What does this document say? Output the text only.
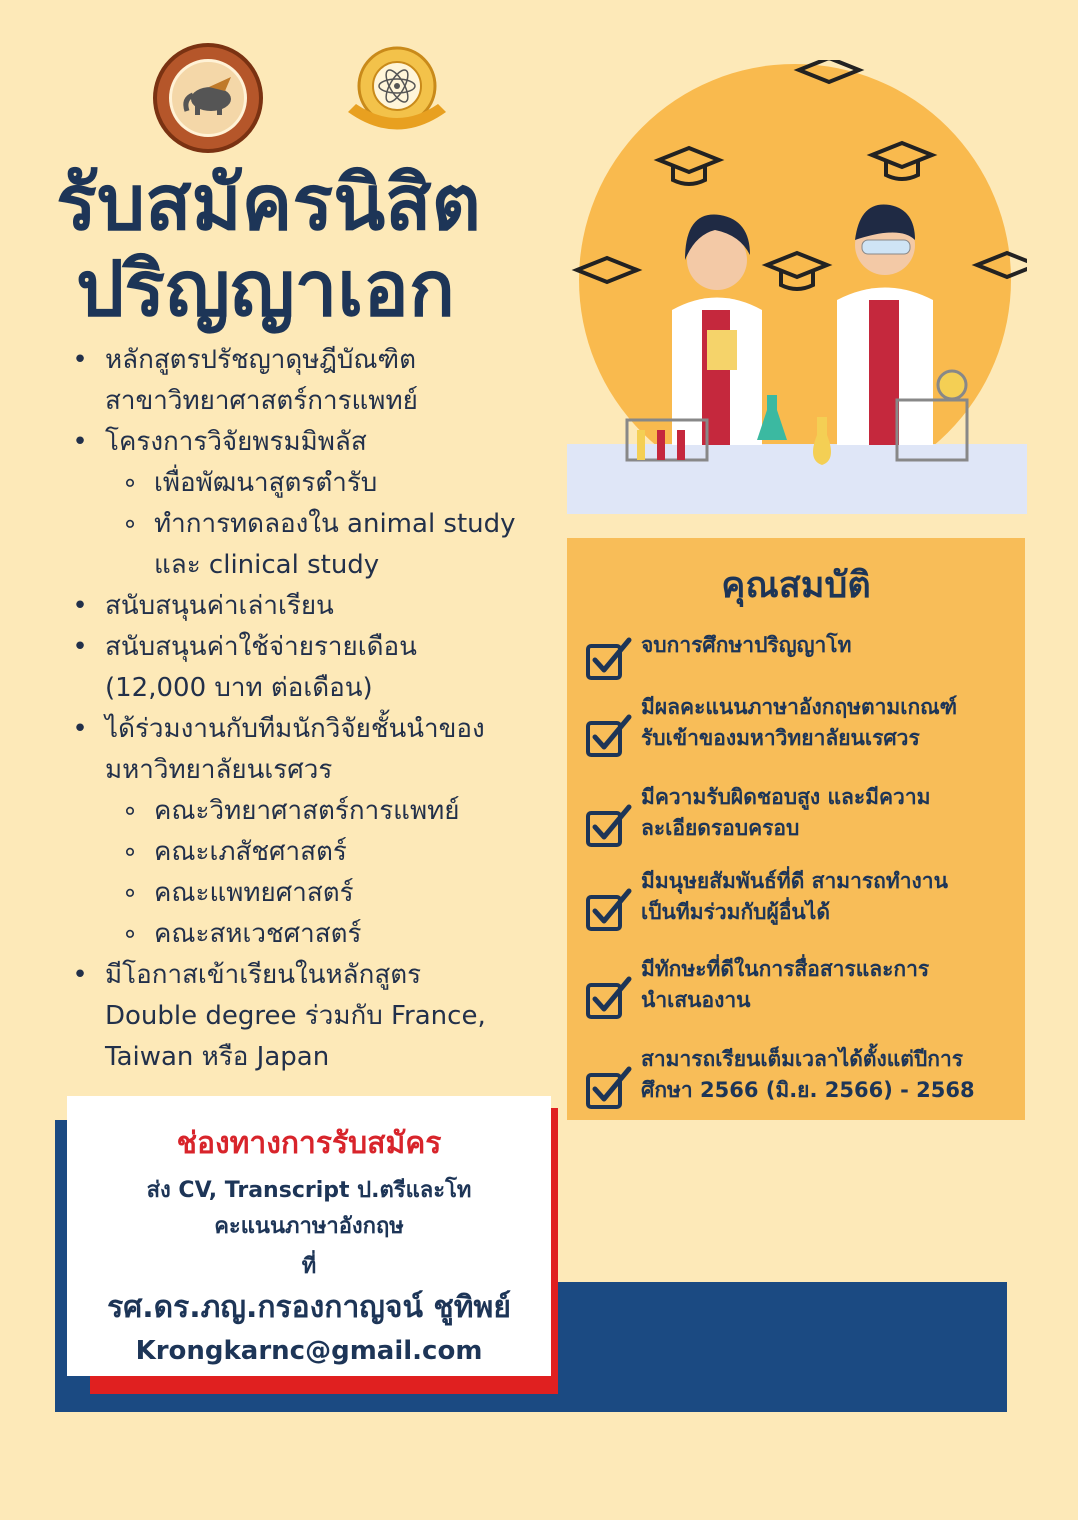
รับสมัครนิสิต
ปริญญาเอก
• หลักสูตรปรัชญาดุษฎีบัณฑิต
สาขาวิทยาศาสตร์การแพทย์
• โครงการวิจัยพรมมิพลัส
∘ เพื่อพัฒนาสูตรตำรับ
∘ ทำการทดลองใน animal study
และ clinical study
• สนับสนุนค่าเล่าเรียน
• สนับสนุนค่าใช้จ่ายรายเดือน
(12,000 บาท ต่อเดือน)
• ได้ร่วมงานกับทีมนักวิจัยชั้นนำของ
มหาวิทยาลัยนเรศวร
∘ คณะวิทยาศาสตร์การแพทย์
∘ คณะเภสัชศาสตร์
∘ คณะแพทยศาสตร์
∘ คณะสหเวชศาสตร์
• มีโอกาสเข้าเรียนในหลักสูตร
Double degree ร่วมกับ France,
Taiwan หรือ Japan
คุณสมบัติ
จบการศึกษาปริญญาโท
มีผลคะแนนภาษาอังกฤษตามเกณฑ์
รับเข้าของมหาวิทยาลัยนเรศวร
มีความรับผิดชอบสูง และมีความ
ละเอียดรอบครอบ
มีมนุษยสัมพันธ์ที่ดี สามารถทำงาน
เป็นทีมร่วมกับผู้อื่นได้
มีทักษะที่ดีในการสื่อสารและการ
นำเสนองาน
สามารถเรียนเต็มเวลาได้ตั้งแต่ปีการ
ศึกษา 2566 (มิ.ย. 2566) - 2568
ช่องทางการรับสมัคร
ส่ง CV, Transcript ป.ตรีและโท
คะแนนภาษาอังกฤษ
ที่
รศ.ดร.ภญ.กรองกาญจน์ ชูทิพย์
Krongkarnc@gmail.com
